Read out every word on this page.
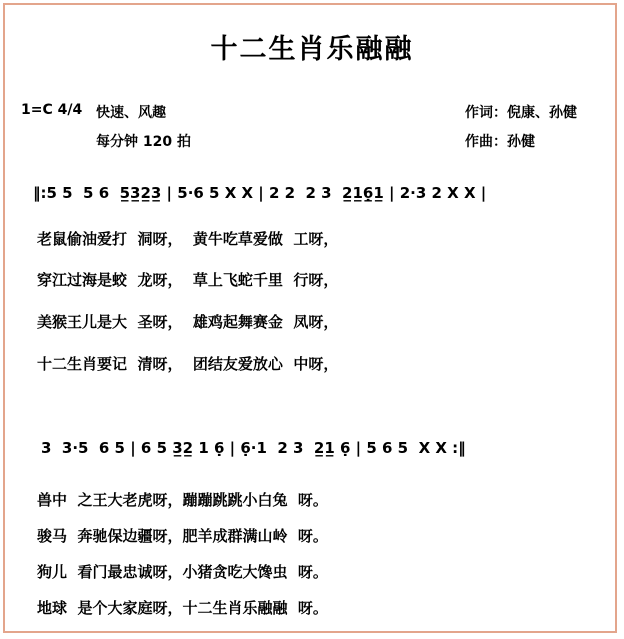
十二生肖乐融融
1=C 4/4 快速、风趣
每分钟 120 拍
作词：倪康、孙健
作曲：孙健
‖:5 5  5 6  5̲3̲2̲3̲ | 5·6 5 X X | 2 2  2 3  2̲1̲6̣̲1̲ | 2·3 2 X X |
老鼠偷油爱打  洞呀，  黄牛吃草爱做  工呀，
穿江过海是蛟  龙呀，  草上飞蛇千里  行呀，
美猴王儿是大  圣呀，  雄鸡起舞赛金  凤呀，
十二生肖要记  清呀，  团结友爱放心  中呀，
3  3·5  6 5 | 6 5 3̲2̲ 1 6̣ | 6̣·1  2 3  2̲1̲ 6̣ | 5 6 5  X X :‖
兽中  之王大老虎呀，蹦蹦跳跳小白兔  呀。
骏马  奔驰保边疆呀，肥羊成群满山岭  呀。
狗儿  看门最忠诚呀，小猪贪吃大馋虫  呀。
地球  是个大家庭呀，十二生肖乐融融  呀。
